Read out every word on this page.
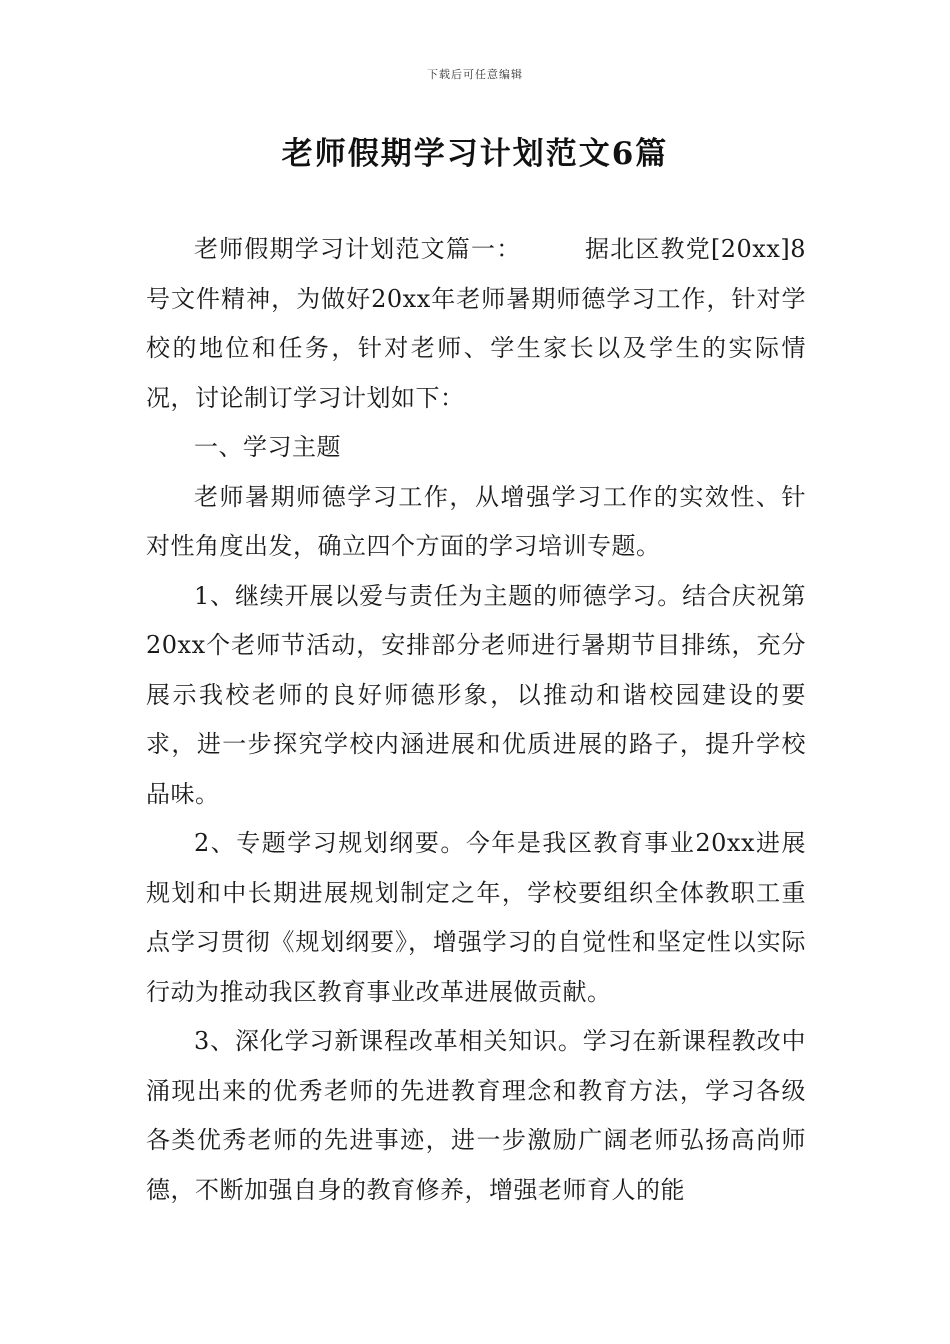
下载后可任意编辑
老师假期学习计划范文6篇

老师假期学习计划范文篇一：　　　据北区教党[20xx]8号文件精神，为做好20xx年老师暑期师德学习工作，针对学校的地位和任务，针对老师、学生家长以及学生的实际情况，讨论制订学习计划如下：

一、学习主题

老师暑期师德学习工作，从增强学习工作的实效性、针对性角度出发，确立四个方面的学习培训专题。

1、继续开展以爱与责任为主题的师德学习。结合庆祝第20xx个老师节活动，安排部分老师进行暑期节目排练，充分展示我校老师的良好师德形象，以推动和谐校园建设的要求，进一步探究学校内涵进展和优质进展的路子，提升学校品味。

2、专题学习规划纲要。今年是我区教育事业20xx进展规划和中长期进展规划制定之年，学校要组织全体教职工重点学习贯彻《规划纲要》，增强学习的自觉性和坚定性以实际行动为推动我区教育事业改革进展做贡献。

3、深化学习新课程改革相关知识。学习在新课程教改中涌现出来的优秀老师的先进教育理念和教育方法，学习各级各类优秀老师的先进事迹，进一步激励广阔老师弘扬高尚师德，不断加强自身的教育修养，增强老师育人的能
